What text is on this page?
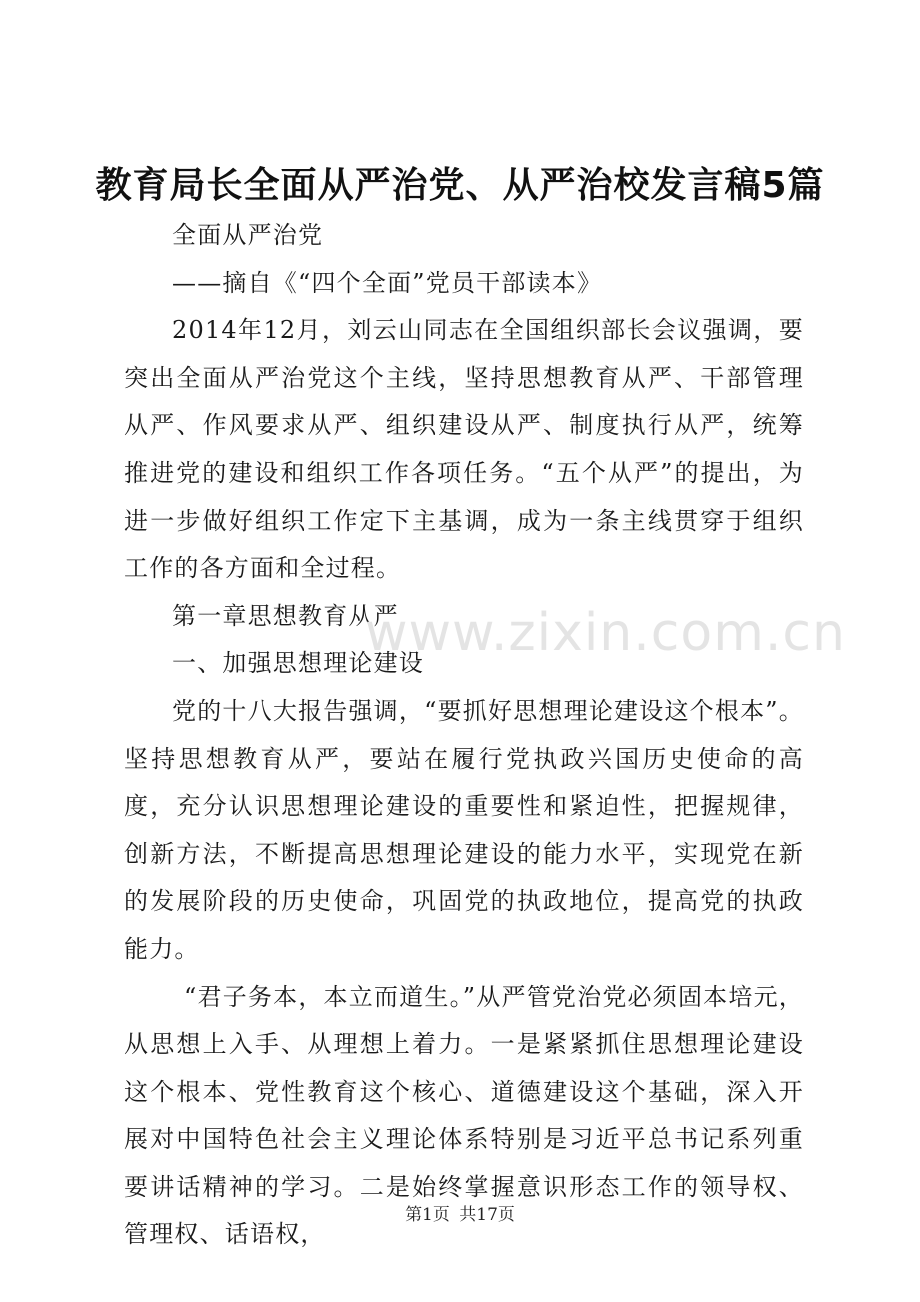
教育局长全面从严治党、从严治校发言稿5篇

全面从严治党

——摘自《“四个全面”党员干部读本》

2014年12月，刘云山同志在全国组织部长会议强调，要突出全面从严治党这个主线，坚持思想教育从严、干部管理从严、作风要求从严、组织建设从严、制度执行从严，统筹推进党的建设和组织工作各项任务。“五个从严”的提出，为进一步做好组织工作定下主基调，成为一条主线贯穿于组织工作的各方面和全过程。

第一章思想教育从严

一、加强思想理论建设

党的十八大报告强调，“要抓好思想理论建设这个根本”。坚持思想教育从严，要站在履行党执政兴国历史使命的高度，充分认识思想理论建设的重要性和紧迫性，把握规律，创新方法，不断提高思想理论建设的能力水平，实现党在新的发展阶段的历史使命，巩固党的执政地位，提高党的执政能力。

“君子务本，本立而道生。”从严管党治党必须固本培元，从思想上入手、从理想上着力。一是紧紧抓住思想理论建设这个根本、党性教育这个核心、道德建设这个基础，深入开展对中国特色社会主义理论体系特别是习近平总书记系列重要讲话精神的学习。二是始终掌握意识形态工作的领导权、管理权、话语权，

www.zixin.com.cn
第1页 共17页
